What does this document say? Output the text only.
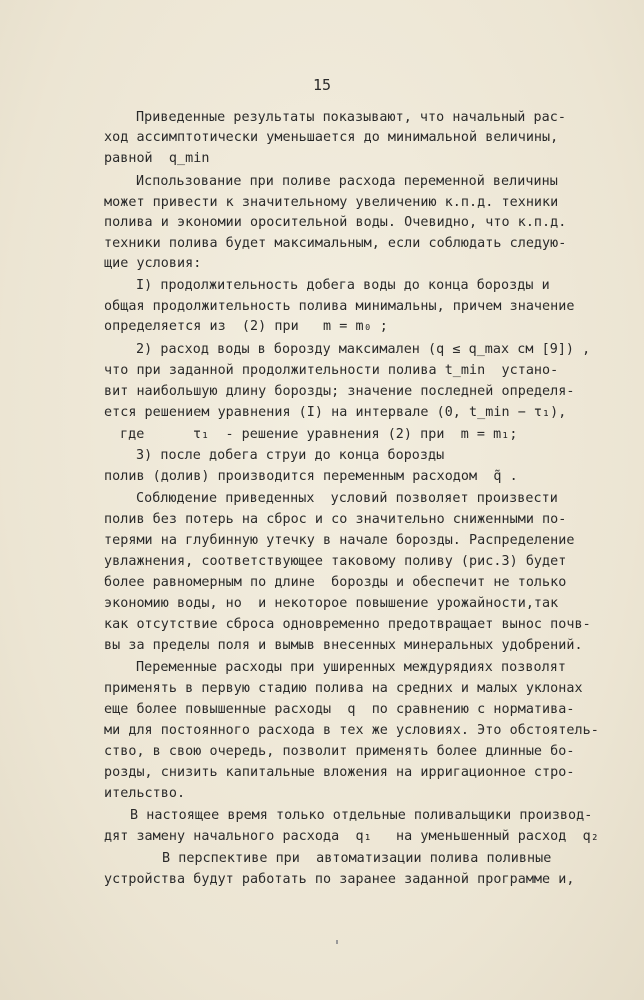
15
Приведенные результаты показывают, что начальный рас-
ход ассимптотически уменьшается до минимальной величины,
равной  q_min
Использование при поливе расхода переменной величины
может привести к значительному увеличению к.п.д. техники
полива и экономии оросительной воды. Очевидно, что к.п.д.
техники полива будет максимальным, если соблюдать следую-
щие условия:
I) продолжительность добега воды до конца борозды и
общая продолжительность полива минимальны, причем значение
определяется из  (2) при   m = m₀ ;
2) расход воды в борозду максимален (q ≤ q_max см [9]) ,
что при заданной продолжительности полива t_min  устано-
вит наибольшую длину борозды; значение последней определя-
ется решением уравнения (I) на интервале (0, t_min − τ₁),
где      τ₁  - решение уравнения (2) при  m = m₁;
3) после добега струи до конца борозды
полив (долив) производится переменным расходом  q̃ .
Соблюдение приведенных  условий позволяет произвести
полив без потерь на сброс и со значительно сниженными по-
терями на глубинную утечку в начале борозды. Распределение
увлажнения, соответствующее таковому поливу (рис.3) будет
более равномерным по длине  борозды и обеспечит не только
экономию воды, но  и некоторое повышение урожайности,так
как отсутствие сброса одновременно предотвращает вынос почв-
вы за пределы поля и вымыв внесенных минеральных удобрений.
Переменные расходы при уширенных междурядиях позволят
применять в первую стадию полива на средних и малых уклонах
еще более повышенные расходы  q  по сравнению с нормативa-
ми для постоянного расхода в тех же условиях. Это обстоятель-
ство, в свою очередь, позволит применять более длинные бо-
розды, снизить капитальные вложения на ирригационное стро-
ительство.
В настоящее время только отдельные поливальщики производ-
дят замену начального расхода  q₁   на уменьшенный расход  q₂
В перспективе при  автоматизации полива поливные
устройства будут работать по заранее заданной программе и,
